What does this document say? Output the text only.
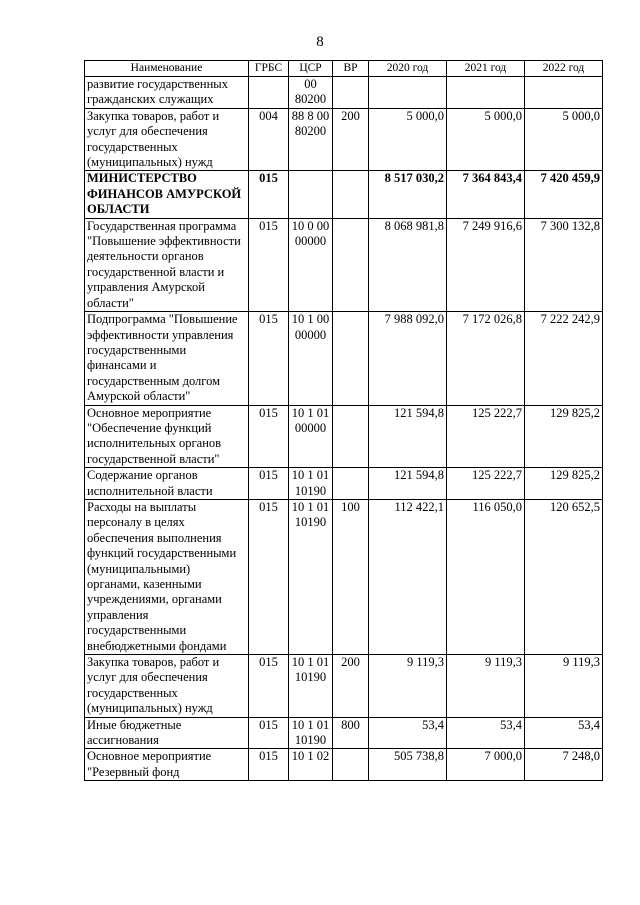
8
Наименование	ГРБС	ЦСР	ВР	2020 год	2021 год	2022 год
развитие государственных гражданских служащих		00 80200				
Закупка товаров, работ и услуг для обеспечения государственных (муниципальных) нужд	004	88 8 00 80200	200	5 000,0	5 000,0	5 000,0
МИНИСТЕРСТВО ФИНАНСОВ АМУРСКОЙ ОБЛАСТИ	015			8 517 030,2	7 364 843,4	7 420 459,9
Государственная программа "Повышение эффективности деятельности органов государственной власти и управления Амурской области"	015	10 0 00 00000		8 068 981,8	7 249 916,6	7 300 132,8
Подпрограмма "Повышение эффективности управления государственными финансами и государственным долгом Амурской области"	015	10 1 00 00000		7 988 092,0	7 172 026,8	7 222 242,9
Основное мероприятие "Обеспечение функций исполнительных органов государственной власти"	015	10 1 01 00000		121 594,8	125 222,7	129 825,2
Содержание органов исполнительной власти	015	10 1 01 10190		121 594,8	125 222,7	129 825,2
Расходы на выплаты персоналу в целях обеспечения выполнения функций государственными (муниципальными) органами, казенными учреждениями, органами управления государственными внебюджетными фондами	015	10 1 01 10190	100	112 422,1	116 050,0	120 652,5
Закупка товаров, работ и услуг для обеспечения государственных (муниципальных) нужд	015	10 1 01 10190	200	9 119,3	9 119,3	9 119,3
Иные бюджетные ассигнования	015	10 1 01 10190	800	53,4	53,4	53,4
Основное мероприятие "Резервный фонд	015	10 1 02		505 738,8	7 000,0	7 248,0
